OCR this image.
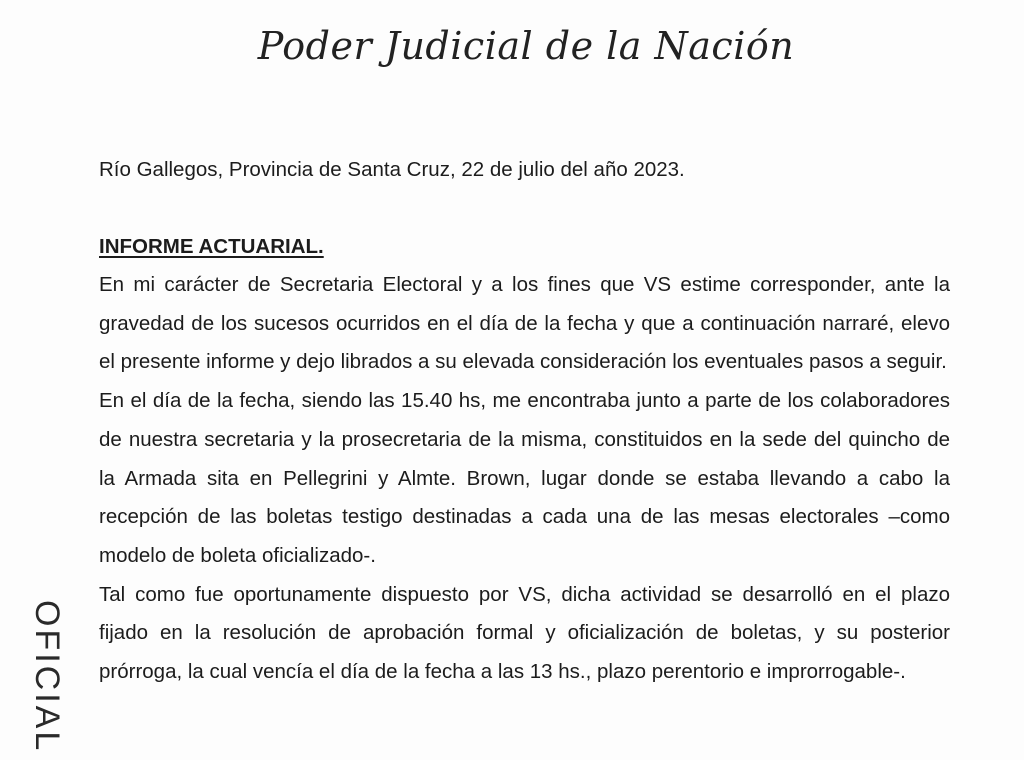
Poder Judicial de la Nación
Río Gallegos, Provincia de Santa Cruz, 22 de julio del año 2023.
INFORME ACTUARIAL.

En mi carácter de Secretaria Electoral y a los fines que VS estime corresponder, ante la gravedad de los sucesos ocurridos en el día de la fecha y que a continuación narraré, elevo el presente informe y dejo librados a su elevada consideración los eventuales pasos a seguir.

En el día de la fecha, siendo las 15.40 hs, me encontraba junto a parte de los colaboradores de nuestra secretaria y la prosecretaria de la misma, constituidos en la sede del quincho de la Armada sita en Pellegrini y Almte. Brown, lugar donde se estaba llevando a cabo la recepción de las boletas testigo destinadas a cada una de las mesas electorales –como modelo de boleta oficializado-.

Tal como fue oportunamente dispuesto por VS, dicha actividad se desarrolló en el plazo fijado en la resolución de aprobación formal y oficialización de boletas, y su posterior prórroga, la cual vencía el día de la fecha a las 13 hs., plazo perentorio e improrrogable-.

OFICIAL
